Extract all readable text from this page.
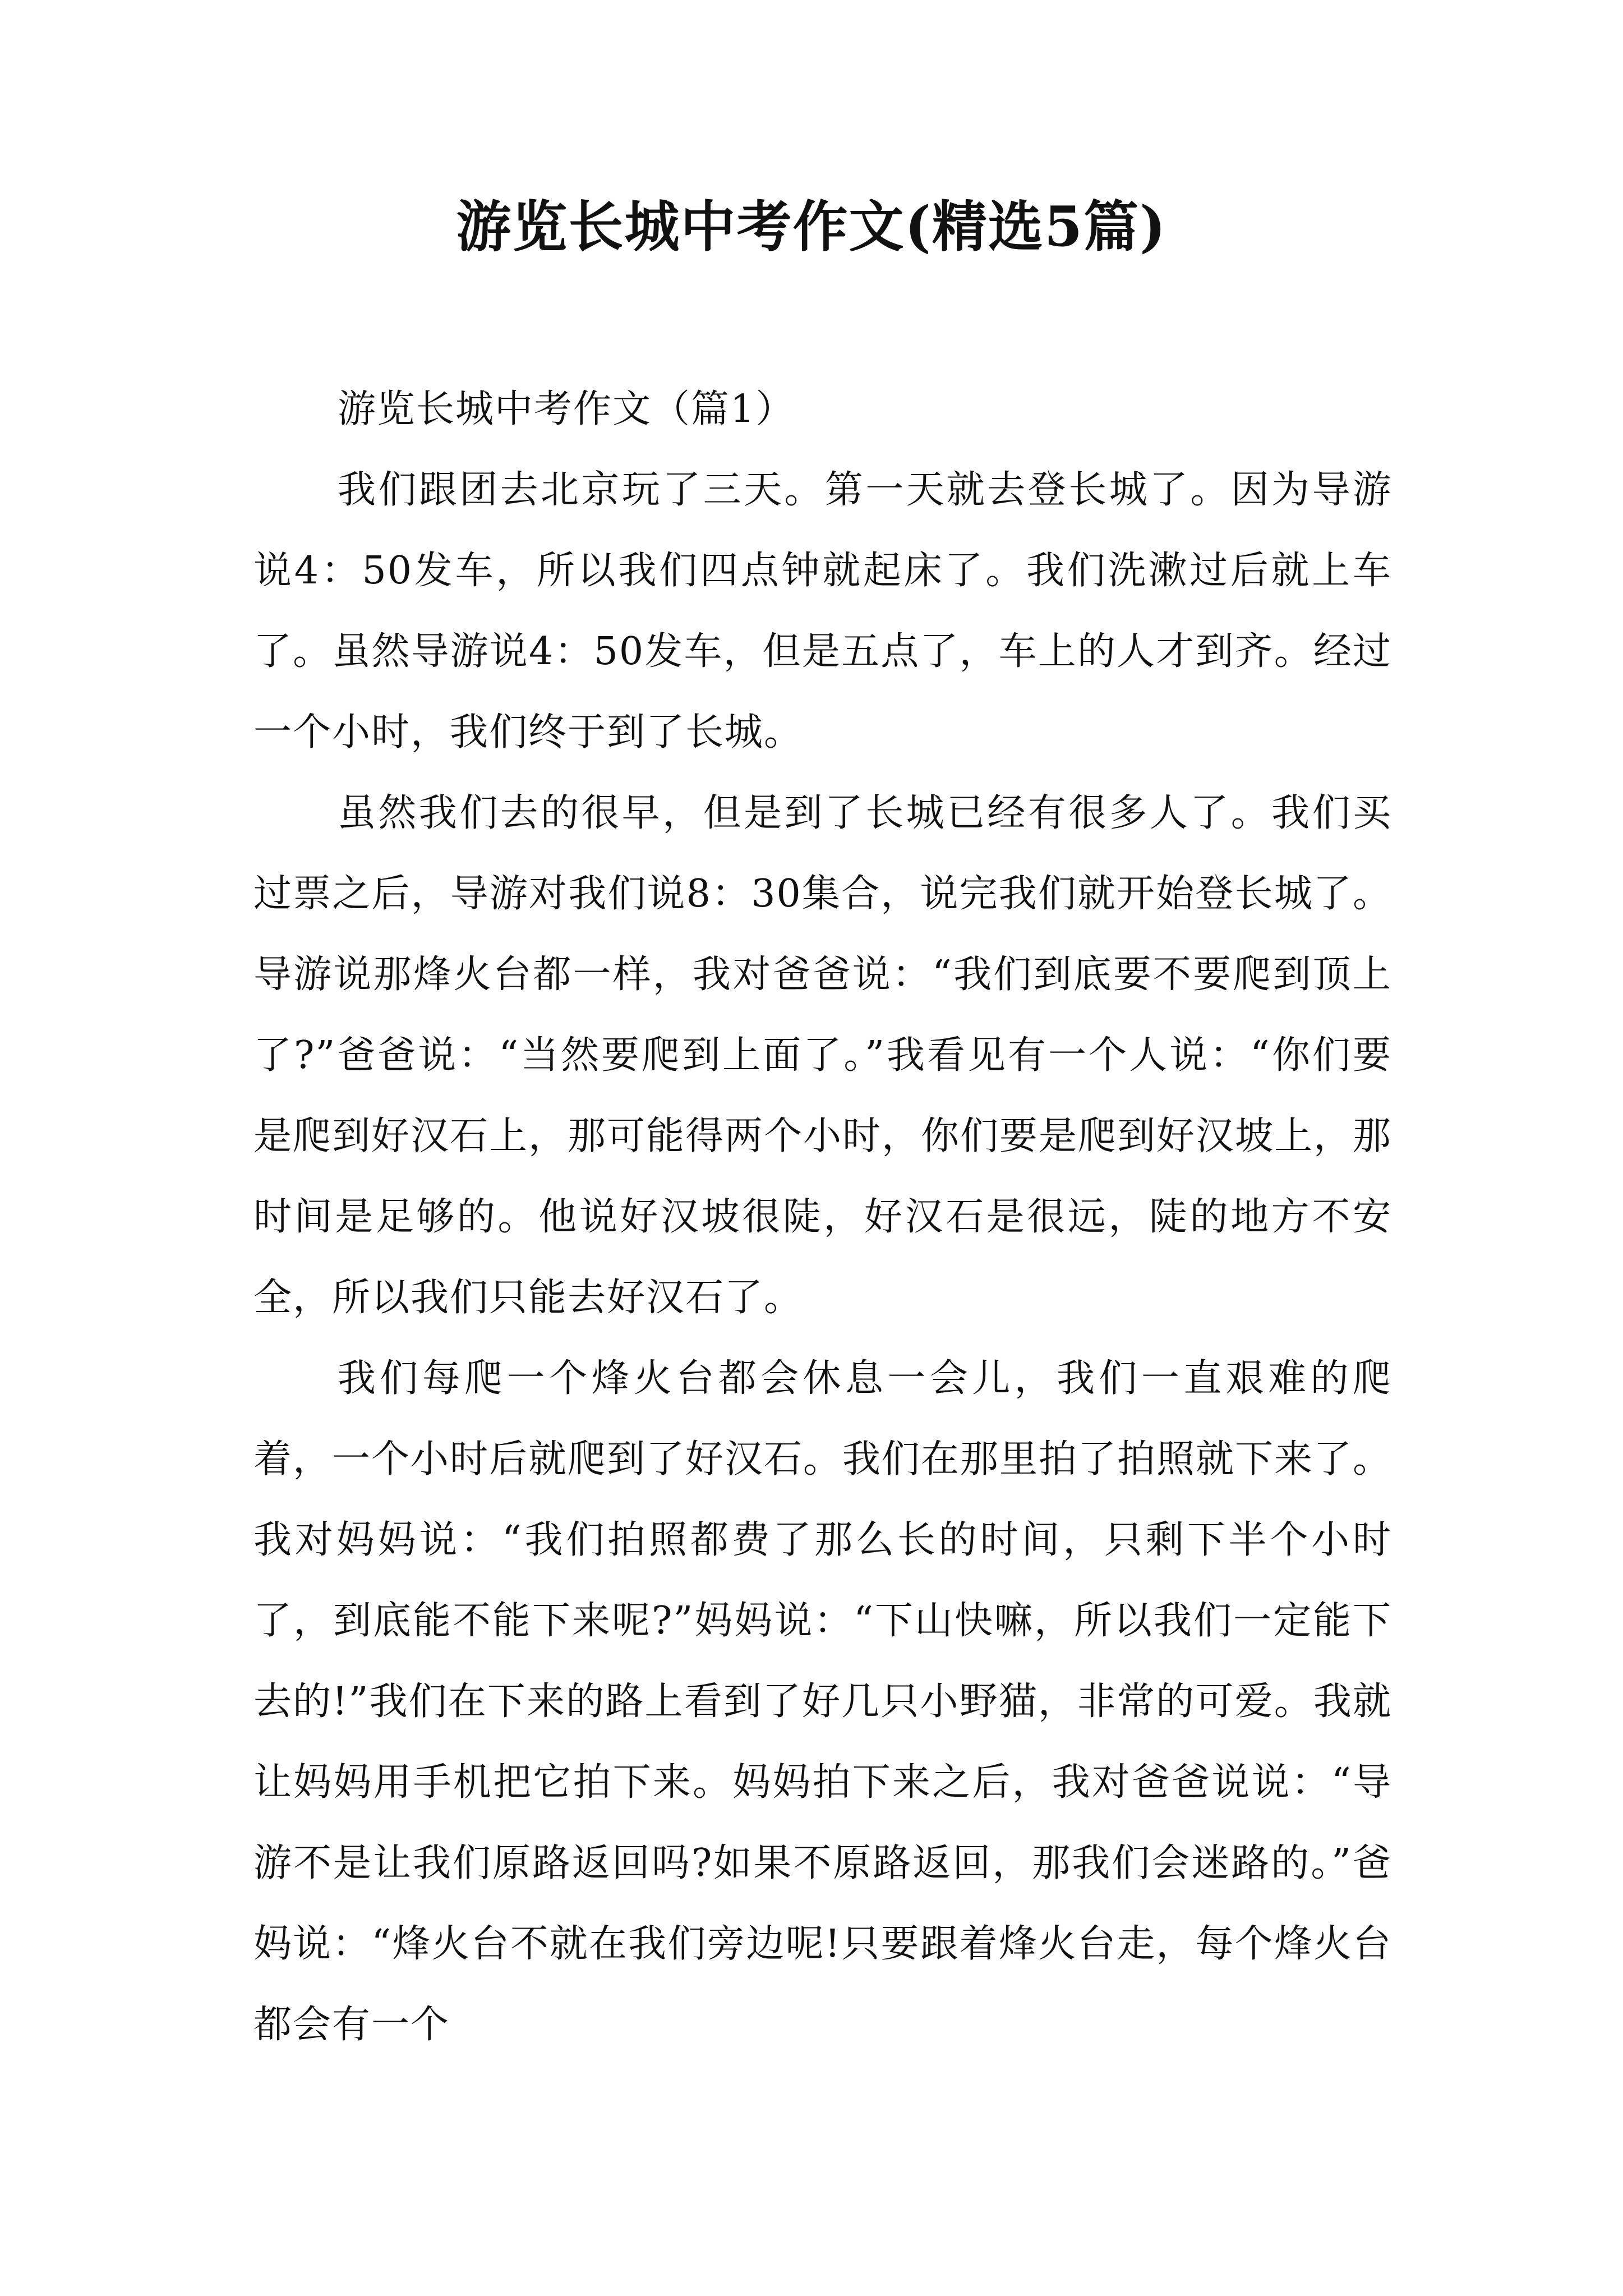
游览长城中考作文(精选5篇)

游览长城中考作文（篇1）

我们跟团去北京玩了三天。第一天就去登长城了。因为导游说4：50发车，所以我们四点钟就起床了。我们洗漱过后就上车了。虽然导游说4：50发车，但是五点了，车上的人才到齐。经过一个小时，我们终于到了长城。

虽然我们去的很早，但是到了长城已经有很多人了。我们买过票之后，导游对我们说8：30集合，说完我们就开始登长城了。导游说那烽火台都一样，我对爸爸说：“我们到底要不要爬到顶上了?”爸爸说：“当然要爬到上面了。”我看见有一个人说：“你们要是爬到好汉石上，那可能得两个小时，你们要是爬到好汉坡上，那时间是足够的。他说好汉坡很陡，好汉石是很远，陡的地方不安全，所以我们只能去好汉石了。

我们每爬一个烽火台都会休息一会儿，我们一直艰难的爬着，一个小时后就爬到了好汉石。我们在那里拍了拍照就下来了。我对妈妈说：“我们拍照都费了那么长的时间，只剩下半个小时了，到底能不能下来呢?”妈妈说：“下山快嘛，所以我们一定能下去的!”我们在下来的路上看到了好几只小野猫，非常的可爱。我就让妈妈用手机把它拍下来。妈妈拍下来之后，我对爸爸说说：“导游不是让我们原路返回吗?如果不原路返回，那我们会迷路的。”爸妈说：“烽火台不就在我们旁边呢!只要跟着烽火台走，每个烽火台都会有一个
